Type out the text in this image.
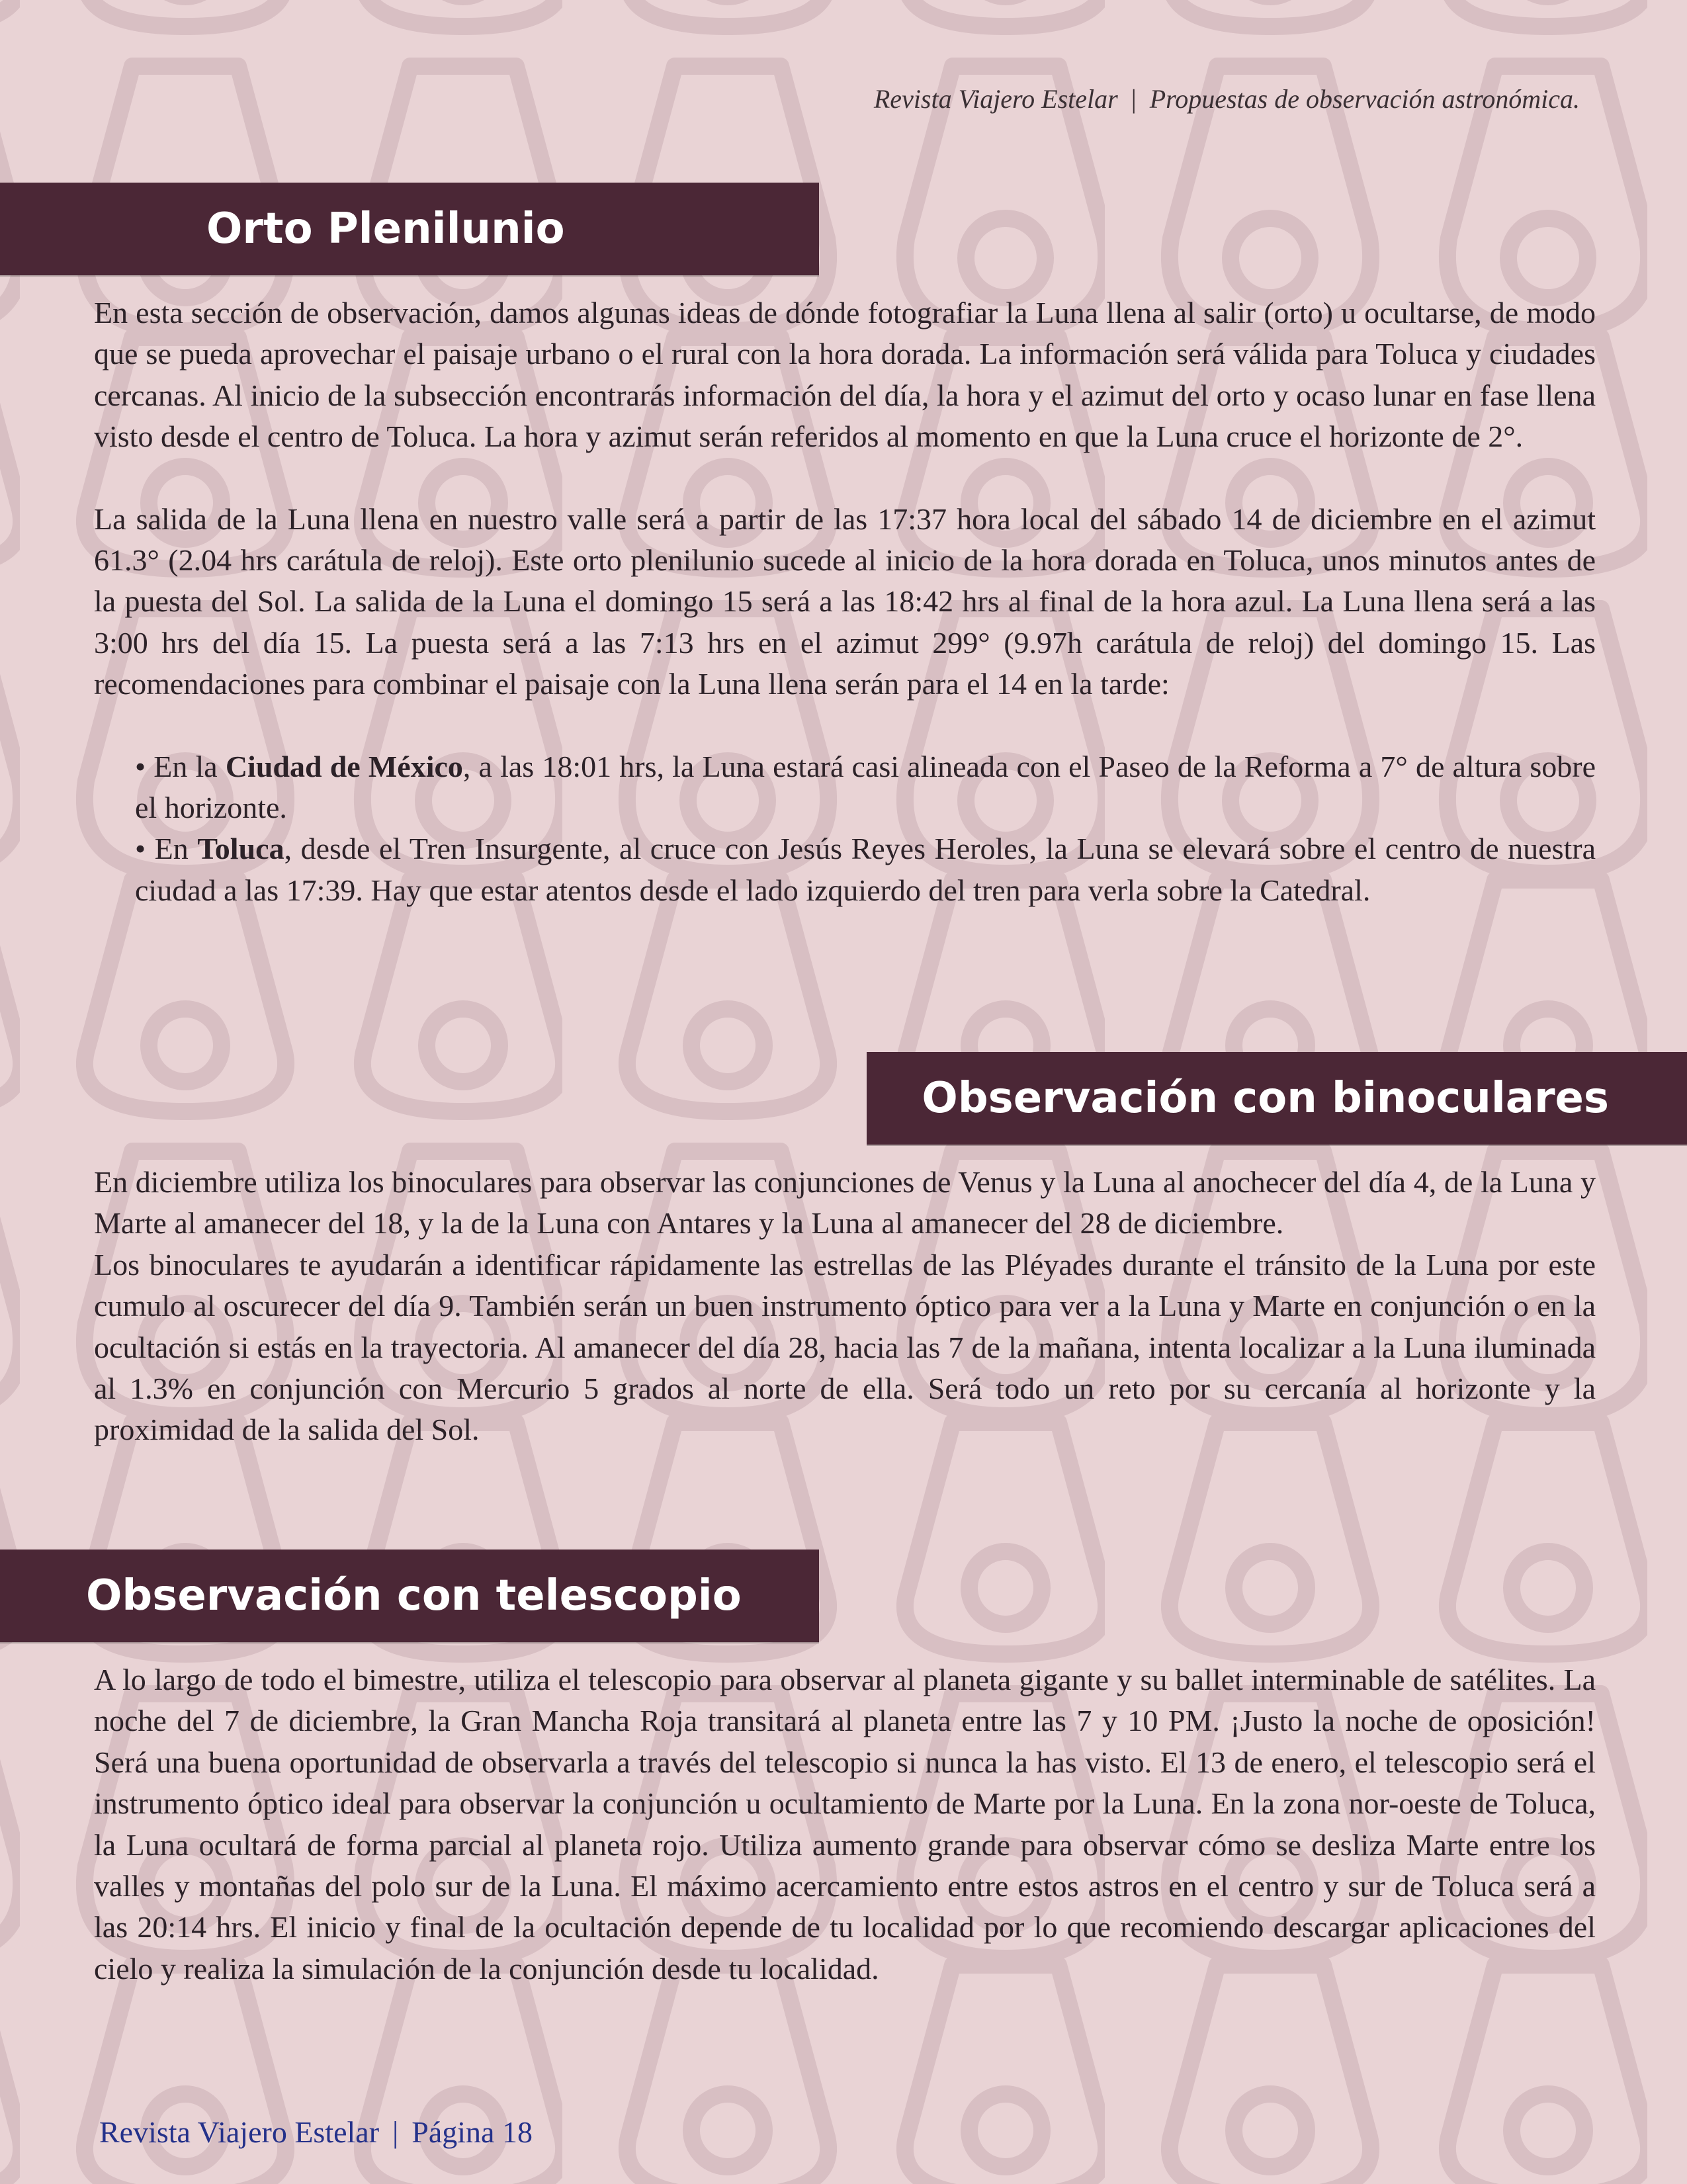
Revista Viajero Estelar | Propuestas de observación astronómica.
Orto Plenilunio

En esta sección de observación, damos algunas ideas de dónde fotografiar la Luna llena al salir (orto) u ocultarse, de modo que se pueda aprovechar el paisaje urbano o el rural con la hora dorada. La información será válida para Toluca y ciudades cercanas. Al inicio de la subsección encontrarás información del día, la hora y el azimut del orto y ocaso lunar en fase llena visto desde el centro de Toluca. La hora y azimut serán referidos al momento en que la Luna cruce el horizonte de 2°.

La salida de la Luna llena en nuestro valle será a partir de las 17:37 hora local del sábado 14 de diciembre en el azimut 61.3° (2.04 hrs carátula de reloj). Este orto plenilunio sucede al inicio de la hora dorada en Toluca, unos minutos antes de la puesta del Sol. La salida de la Luna el domingo 15 será a las 18:42 hrs al final de la hora azul. La Luna llena será a las 3:00 hrs del día 15. La puesta será a las 7:13 hrs en el azimut 299° (9.97h carátula de reloj) del domingo 15. Las recomendaciones para combinar el paisaje con la Luna llena serán para el 14 en la tarde:

• En la Ciudad de México, a las 18:01 hrs, la Luna estará casi alineada con el Paseo de la Reforma a 7° de altura sobre el horizonte.

• En Toluca, desde el Tren Insurgente, al cruce con Jesús Reyes Heroles, la Luna se elevará sobre el centro de nuestra ciudad a las 17:39. Hay que estar atentos desde el lado izquierdo del tren para verla sobre la Catedral.

Observación con binoculares

En diciembre utiliza los binoculares para observar las conjunciones de Venus y la Luna al anochecer del día 4, de la Luna y Marte al amanecer del 18, y la de la Luna con Antares y la Luna al amanecer del 28 de diciembre.

Los binoculares te ayudarán a identificar rápidamente las estrellas de las Pléyades durante el tránsito de la Luna por este cumulo al oscurecer del día 9. También serán un buen instrumento óptico para ver a la Luna y Marte en conjunción o en la ocultación si estás en la trayectoria. Al amanecer del día 28, hacia las 7 de la mañana, intenta localizar a la Luna iluminada al 1.3% en conjunción con Mercurio 5 grados al norte de ella. Será todo un reto por su cercanía al horizonte y la proximidad de la salida del Sol.

Observación con telescopio

A lo largo de todo el bimestre, utiliza el telescopio para observar al planeta gigante y su ballet interminable de satélites. La noche del 7 de diciembre, la Gran Mancha Roja transitará al planeta entre las 7 y 10 PM. ¡Justo la noche de oposición! Será una buena oportunidad de observarla a través del telescopio si nunca la has visto. El 13 de enero, el telescopio será el instrumento óptico ideal para observar la conjunción u ocultamiento de Marte por la Luna. En la zona nor-oeste de Toluca, la Luna ocultará de forma parcial al planeta rojo. Utiliza aumento grande para observar cómo se desliza Marte entre los valles y montañas del polo sur de la Luna. El máximo acercamiento entre estos astros en el centro y sur de Toluca será a las 20:14 hrs. El inicio y final de la ocultación depende de tu localidad por lo que recomiendo descargar aplicaciones del cielo y realiza la simulación de la conjunción desde tu localidad.

Revista Viajero Estelar | Página 18
